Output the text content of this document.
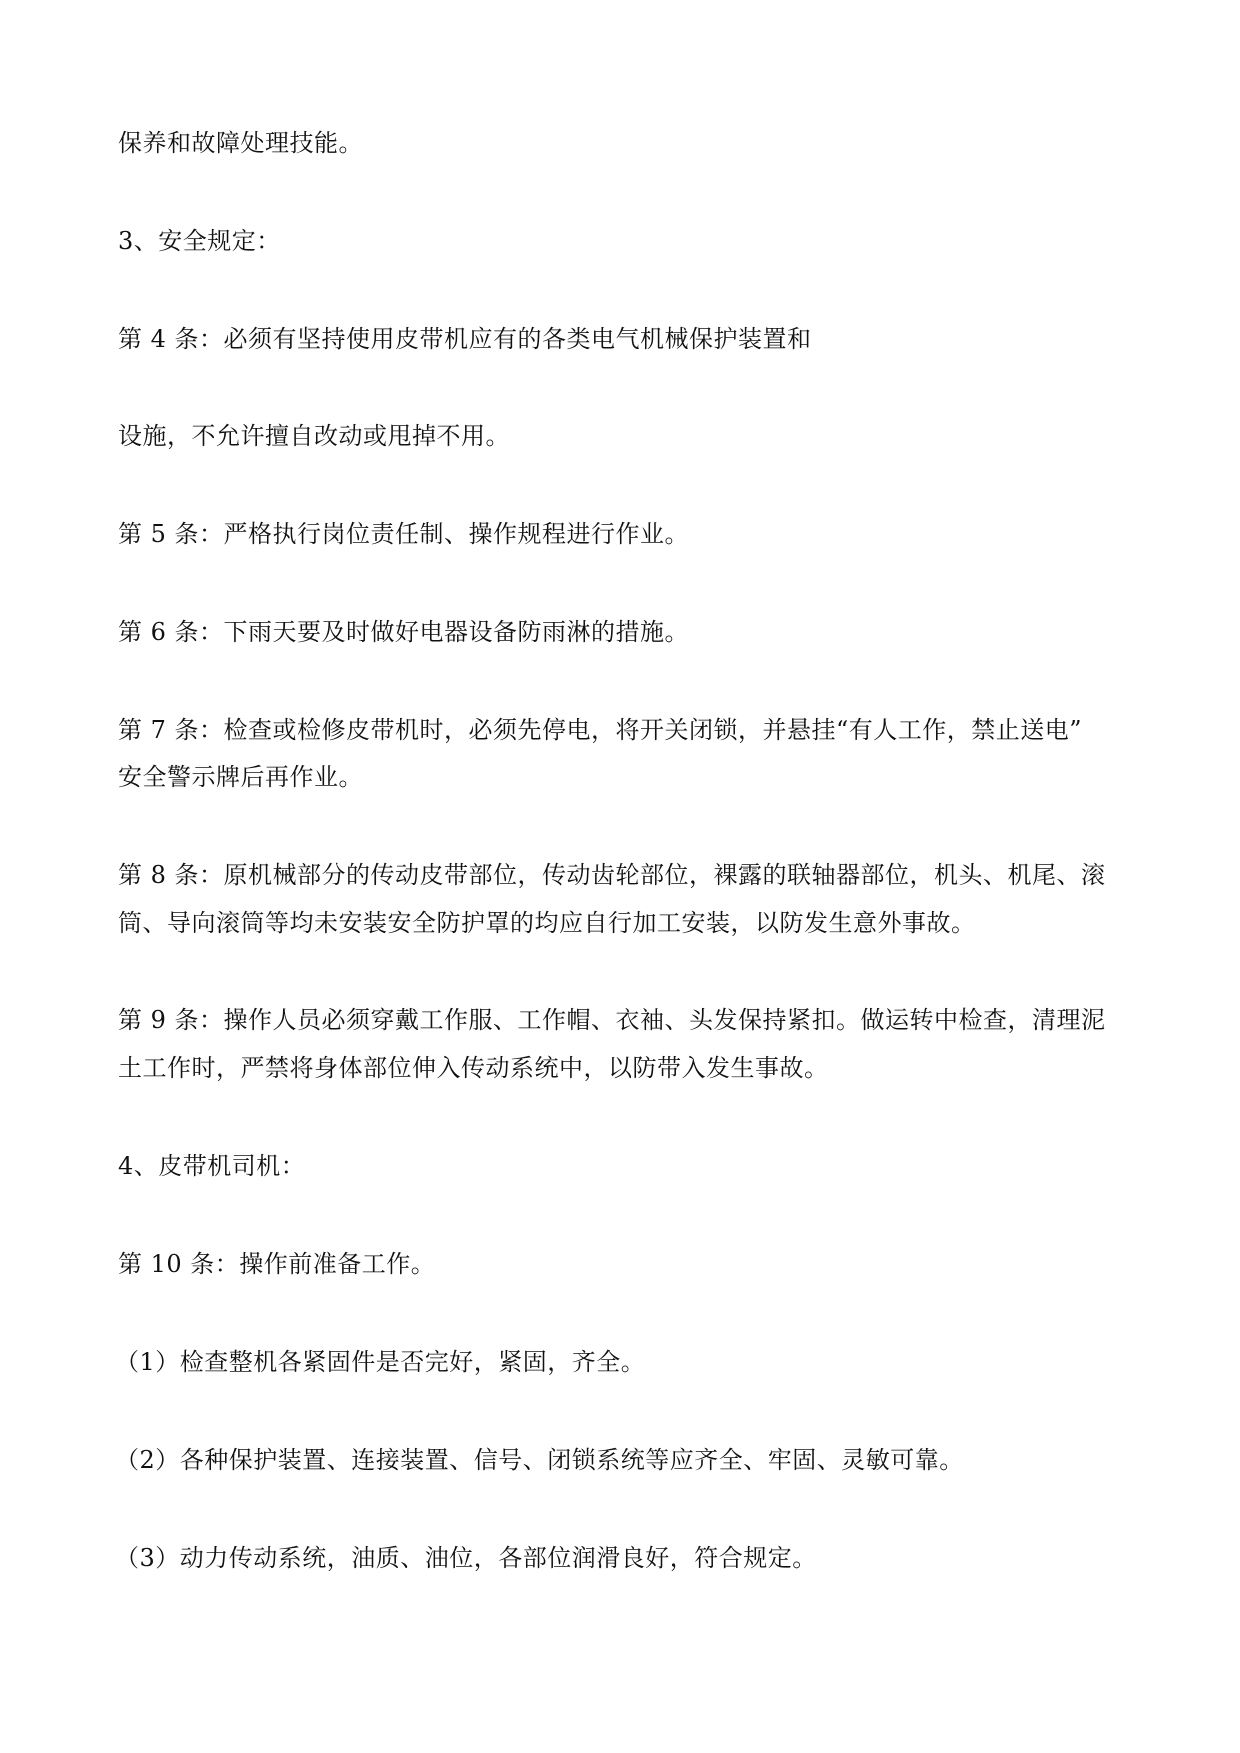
保养和故障处理技能。
3、安全规定：
第 4 条：必须有坚持使用皮带机应有的各类电气机械保护装置和
设施，不允许擅自改动或甩掉不用。
第 5 条：严格执行岗位责任制、操作规程进行作业。
第 6 条：下雨天要及时做好电器设备防雨淋的措施。
第 7 条：检查或检修皮带机时，必须先停电，将开关闭锁，并悬挂“有人工作，禁止送电”
安全警示牌后再作业。
第 8 条：原机械部分的传动皮带部位，传动齿轮部位，裸露的联轴器部位，机头、机尾、滚
筒、导向滚筒等均未安装安全防护罩的均应自行加工安装，以防发生意外事故。
第 9 条：操作人员必须穿戴工作服、工作帽、衣袖、头发保持紧扣。做运转中检查，清理泥
土工作时，严禁将身体部位伸入传动系统中，以防带入发生事故。
4、皮带机司机：
第 10 条：操作前准备工作。
（1）检查整机各紧固件是否完好，紧固，齐全。
（2）各种保护装置、连接装置、信号、闭锁系统等应齐全、牢固、灵敏可靠。
（3）动力传动系统，油质、油位，各部位润滑良好，符合规定。
